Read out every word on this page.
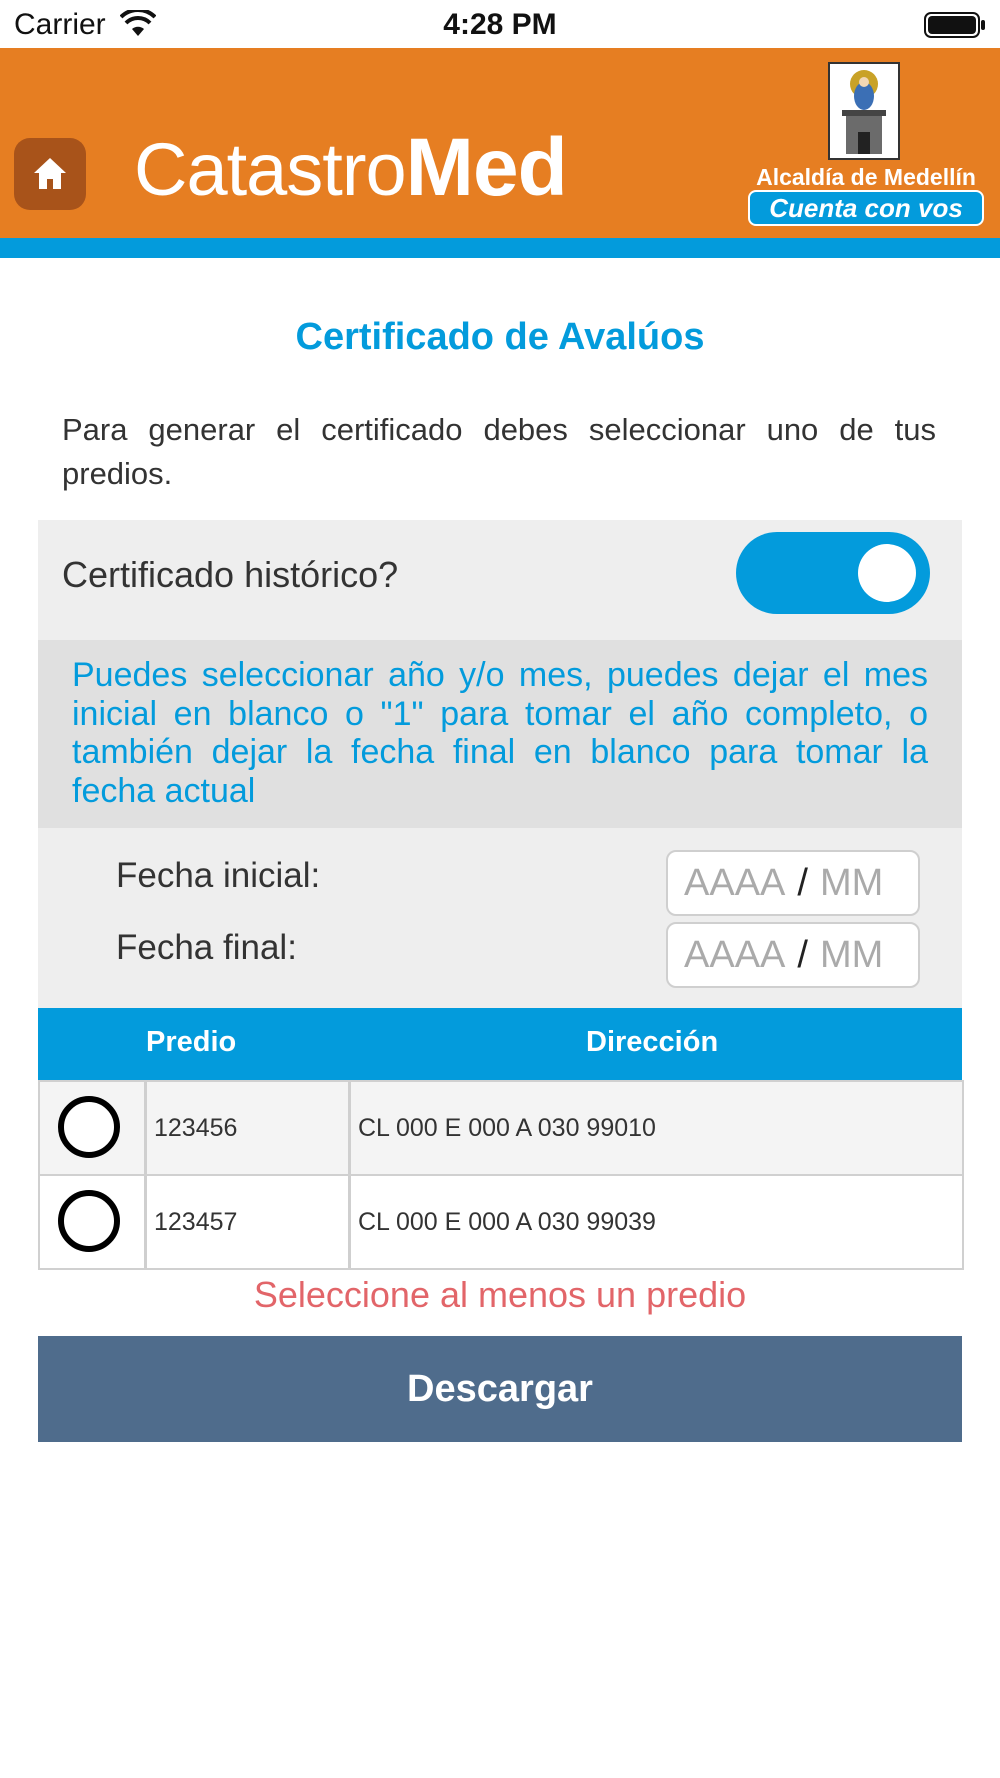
Carrier	4:28 PM
CatastroMed	Alcaldía de Medellín
Cuenta con vos
Certificado de Avalúos
Para generar el certificado debes seleccionar uno de tus predios.
Certificado histórico?
Puedes seleccionar año y/o mes, puedes dejar el mes inicial en blanco o "1" para tomar el año completo, o también dejar la fecha final en blanco para tomar la fecha actual
Fecha inicial:	AAAA / MM
Fecha final:	AAAA / MM
Predio	Dirección
123456	CL 000 E 000 A 030 99010
123457	CL 000 E 000 A 030 99039
Seleccione al menos un predio
Descargar
